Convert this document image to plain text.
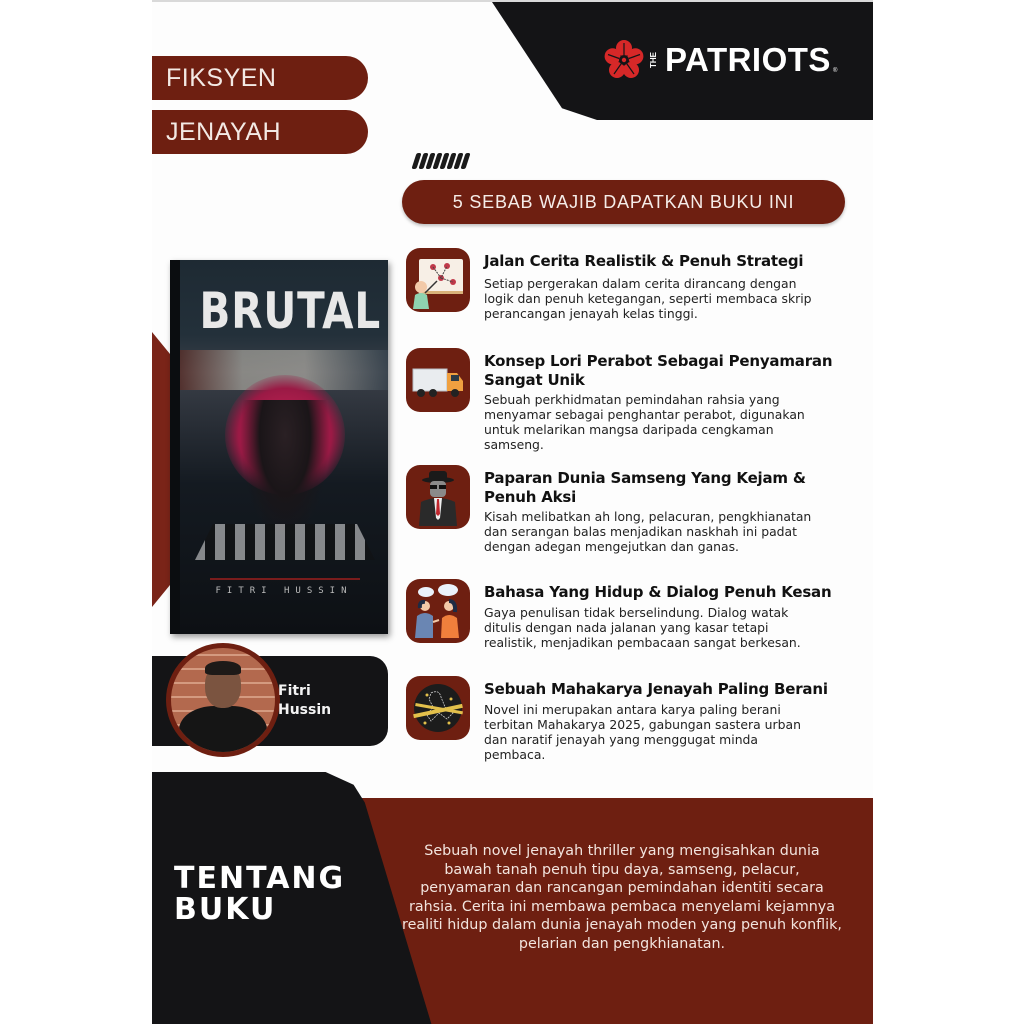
THE PATRIOTS ®
FIKSYEN
JENAYAH
5 SEBAB WAJIB DAPATKAN BUKU INI
Jalan Cerita Realistik & Penuh Strategi
Setiap pergerakan dalam cerita dirancang dengan logik dan penuh ketegangan, seperti membaca skrip perancangan jenayah kelas tinggi.
Konsep Lori Perabot Sebagai Penyamaran Sangat Unik
Sebuah perkhidmatan pemindahan rahsia yang menyamar sebagai penghantar perabot, digunakan untuk melarikan mangsa daripada cengkaman samseng.
Paparan Dunia Samseng Yang Kejam & Penuh Aksi
Kisah melibatkan ah long, pelacuran, pengkhianatan dan serangan balas menjadikan naskhah ini padat dengan adegan mengejutkan dan ganas.
Bahasa Yang Hidup & Dialog Penuh Kesan
Gaya penulisan tidak berselindung. Dialog watak ditulis dengan nada jalanan yang kasar tetapi realistik, menjadikan pembacaan sangat berkesan.
Sebuah Mahakarya Jenayah Paling Berani
Novel ini merupakan antara karya paling berani terbitan Mahakarya 2025, gabungan sastera urban dan naratif jenayah yang menggugat minda pembaca.
BRUTAL
FITRI HUSSIN
Fitri
Hussin
TENTANG
BUKU
Sebuah novel jenayah thriller yang mengisahkan dunia bawah tanah penuh tipu daya, samseng, pelacur, penyamaran dan rancangan pemindahan identiti secara rahsia. Cerita ini membawa pembaca menyelami kejamnya realiti hidup dalam dunia jenayah moden yang penuh konflik, pelarian dan pengkhianatan.
